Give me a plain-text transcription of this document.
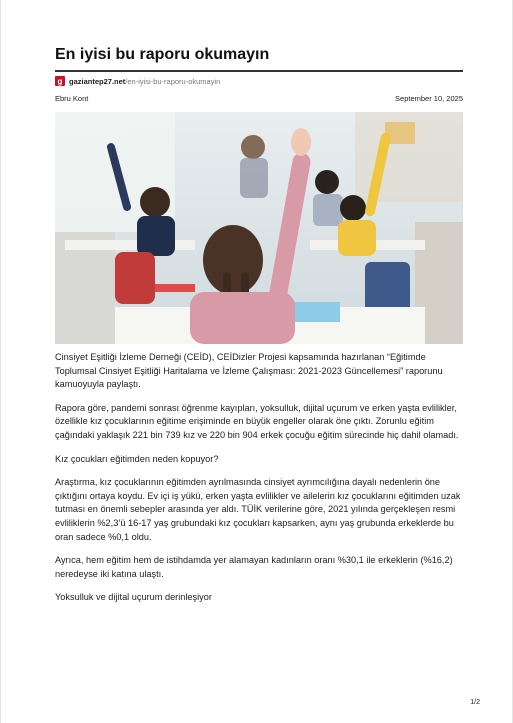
En iyisi bu raporu okumayın
g gaziantep27.net /en-iyisi-bu-raporu-okumayin
Ebru Kont	September 10, 2025

Cinsiyet Eşitliği İzleme Derneği (CEİD), CEİDizler Projesi kapsamında hazırlanan “Eğitimde Toplumsal Cinsiyet Eşitliği Haritalama ve İzleme Çalışması: 2021-2023 Güncellemesi” raporunu kamuoyuyla paylaştı.

Rapora göre, pandemi sonrası öğrenme kayıpları, yoksulluk, dijital uçurum ve erken yaşta evlilikler, özellikle kız çocuklarının eğitime erişiminde en büyük engeller olarak öne çıktı. Zorunlu eğitim çağındaki yaklaşık 221 bin 739 kız ve 220 bin 904 erkek çocuğu eğitim sürecinde hiç dahil olamadı.

Kız çocukları eğitimden neden kopuyor?

Araştırma, kız çocuklarının eğitimden ayrılmasında cinsiyet ayrımcılığına dayalı nedenlerin öne çıktığını ortaya koydu. Ev içi iş yükü, erken yaşta evlilikler ve ailelerin kız çocuklarını eğitimden uzak tutması en önemli sebepler arasında yer aldı. TÜİK verilerine göre, 2021 yılında gerçekleşen resmi evliliklerin %2,3’ü 16-17 yaş grubundaki kız çocukları kapsarken, aynı yaş grubunda erkeklerde bu oran sadece %0,1 oldu.

Ayrıca, hem eğitim hem de istihdamda yer alamayan kadınların oranı %30,1 ile erkeklerin (%16,2) neredeyse iki katına ulaştı.

Yoksulluk ve dijital uçurum derinleşiyor

1/2
